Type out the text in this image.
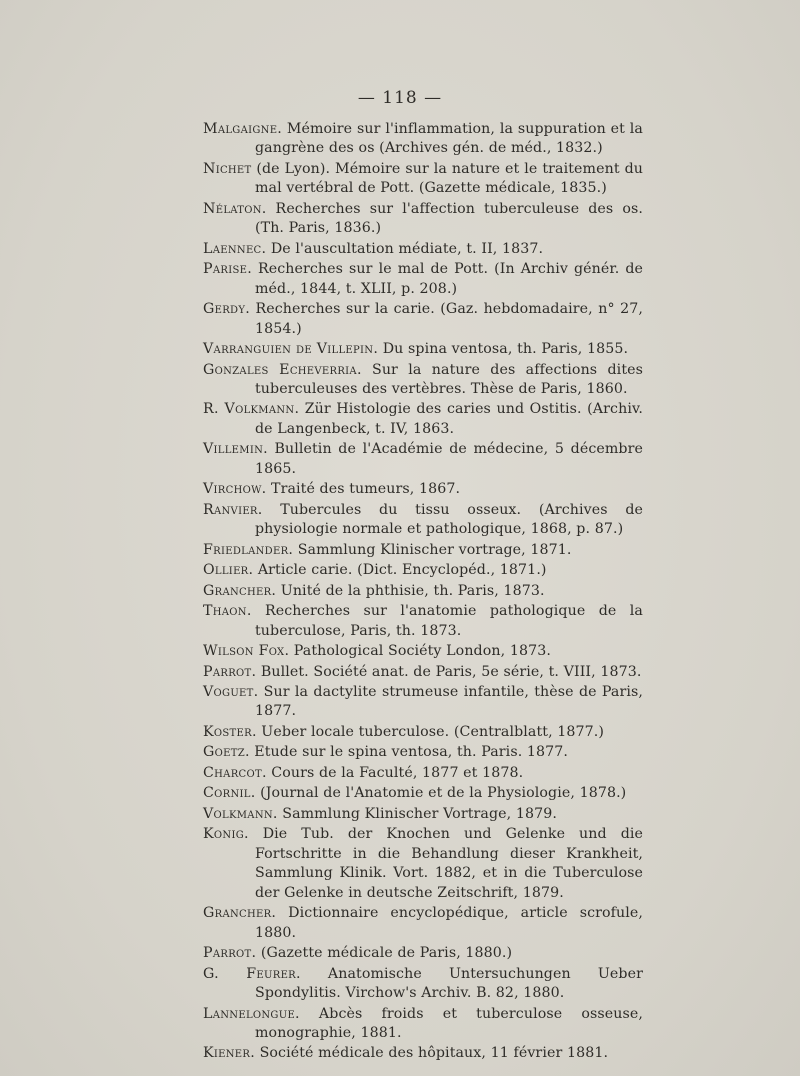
— 118 —
Malgaigne. Mémoire sur l'inflammation, la suppuration et la gangrène des os (Archives gén. de méd., 1832.)
Nichet (de Lyon). Mémoire sur la nature et le traitement du mal vertébral de Pott. (Gazette médicale, 1835.)
Nélaton. Recherches sur l'affection tuberculeuse des os. (Th. Paris, 1836.)
Laennec. De l'auscultation médiate, t. II, 1837.
Parise. Recherches sur le mal de Pott. (In Archiv génér. de méd., 1844, t. XLII, p. 208.)
Gerdy. Recherches sur la carie. (Gaz. hebdomadaire, n° 27, 1854.)
Varranguien de Villepin. Du spina ventosa, th. Paris, 1855.
Gonzales Echeverria. Sur la nature des affections dites tuberculeuses des vertèbres. Thèse de Paris, 1860.
R. Volkmann. Zür Histologie des caries und Ostitis. (Archiv. de Langenbeck, t. IV, 1863.
Villemin. Bulletin de l'Académie de médecine, 5 décembre 1865.
Virchow. Traité des tumeurs, 1867.
Ranvier. Tubercules du tissu osseux. (Archives de physiologie normale et pathologique, 1868, p. 87.)
Friedlander. Sammlung Klinischer vortrage, 1871.
Ollier. Article carie. (Dict. Encyclopéd., 1871.)
Grancher. Unité de la phthisie, th. Paris, 1873.
Thaon. Recherches sur l'anatomie pathologique de la tuberculose, Paris, th. 1873.
Wilson Fox. Pathological Sociéty London, 1873.
Parrot. Bullet. Société anat. de Paris, 5e série, t. VIII, 1873.
Voguet. Sur la dactylite strumeuse infantile, thèse de Paris, 1877.
Koster. Ueber locale tuberculose. (Centralblatt, 1877.)
Goetz. Etude sur le spina ventosa, th. Paris. 1877.
Charcot. Cours de la Faculté, 1877 et 1878.
Cornil. (Journal de l'Anatomie et de la Physiologie, 1878.)
Volkmann. Sammlung Klinischer Vortrage, 1879.
Konig. Die Tub. der Knochen und Gelenke und die Fortschritte in die Behandlung dieser Krankheit, Sammlung Klinik. Vort. 1882, et in die Tuberculose der Gelenke in deutsche Zeitschrift, 1879.
Grancher. Dictionnaire encyclopédique, article scrofule, 1880.
Parrot. (Gazette médicale de Paris, 1880.)
G. Feurer. Anatomische Untersuchungen Ueber Spondylitis. Virchow's Archiv. B. 82, 1880.
Lannelongue. Abcès froids et tuberculose osseuse, monographie, 1881.
Kiener. Société médicale des hôpitaux, 11 février 1881.
